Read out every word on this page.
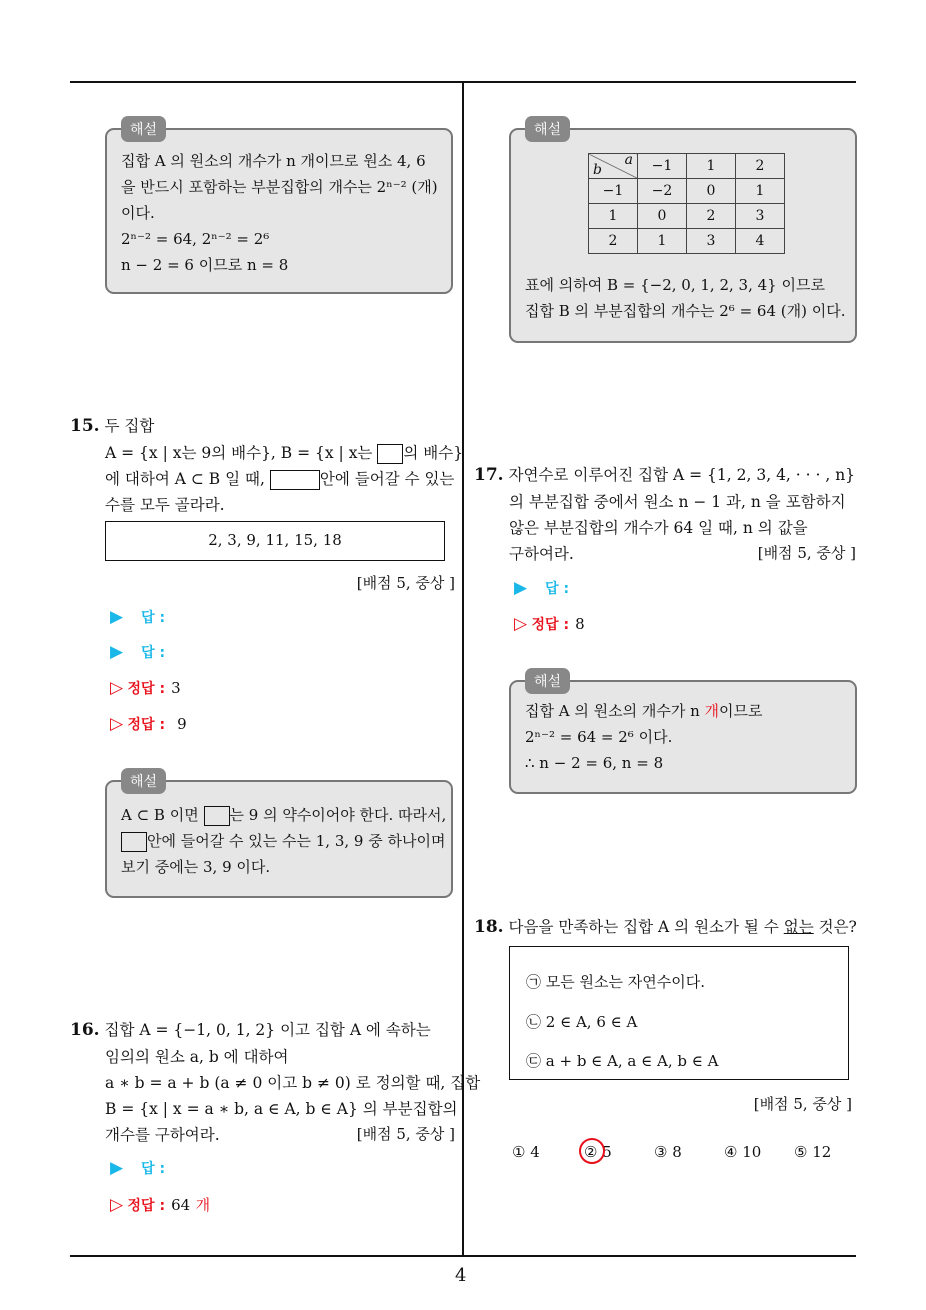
4
해설
집합 A 의 원소의 개수가 n 개이므로 원소 4, 6
을 반드시 포함하는 부분집합의 개수는 2ⁿ⁻² (개)
이다.
2ⁿ⁻² = 64, 2ⁿ⁻² = 2⁶
n − 2 = 6 이므로 n = 8
15. 두 집합
A = {x | x는 9의 배수}, B = {x | x는 의 배수}
에 대하여 A ⊂ B 일 때,	안에 들어갈 수 있는
수를 모두 골라라.
2, 3, 9, 11, 15, 18
[배점 5, 중상 ]
▶ 답 :
▶ 답 :
▷ 정답 : 3
▷ 정답 : 9
해설
A ⊂ B 이면 는 9 의 약수이어야 한다. 따라서,
안에 들어갈 수 있는 수는 1, 3, 9 중 하나이며
보기 중에는 3, 9 이다.
16. 집합 A = {−1, 0, 1, 2} 이고 집합 A 에 속하는
임의의 원소 a, b 에 대하여
a ∗ b = a + b (a ≠ 0 이고 b ≠ 0) 로 정의할 때, 집합
B = {x | x = a ∗ b, a ∈ A, b ∈ A} 의 부분집합의
개수를 구하여라.	[배점 5, 중상 ]
▶ 답 :
▷ 정답 : 64 개
해설
b
a	−1	1	2
−1	−2	0	1
1	0	2	3
2	1	3	4
표에 의하여 B = {−2, 0, 1, 2, 3, 4} 이므로
집합 B 의 부분집합의 개수는 2⁶ = 64 (개) 이다.
17. 자연수로 이루어진 집합 A = {1, 2, 3, 4, · · · , n}
의 부분집합 중에서 원소 n − 1 과, n 을 포함하지
않은 부분집합의 개수가 64 일 때, n 의 값을
구하여라.	[배점 5, 중상 ]
▶ 답 :
▷ 정답 : 8
해설
집합 A 의 원소의 개수가 n 개이므로
2ⁿ⁻² = 64 = 2⁶ 이다.
∴ n − 2 = 6, n = 8
18. 다음을 만족하는 집합 A 의 원소가 될 수 없는 것은?
㉠ 모든 원소는 자연수이다.
㉡ 2 ∈ A, 6 ∈ A
㉢ a + b ∈ A, a ∈ A, b ∈ A
[배점 5, 중상 ]
① 4	② 5	③ 8	④ 10 ⑤ 12
